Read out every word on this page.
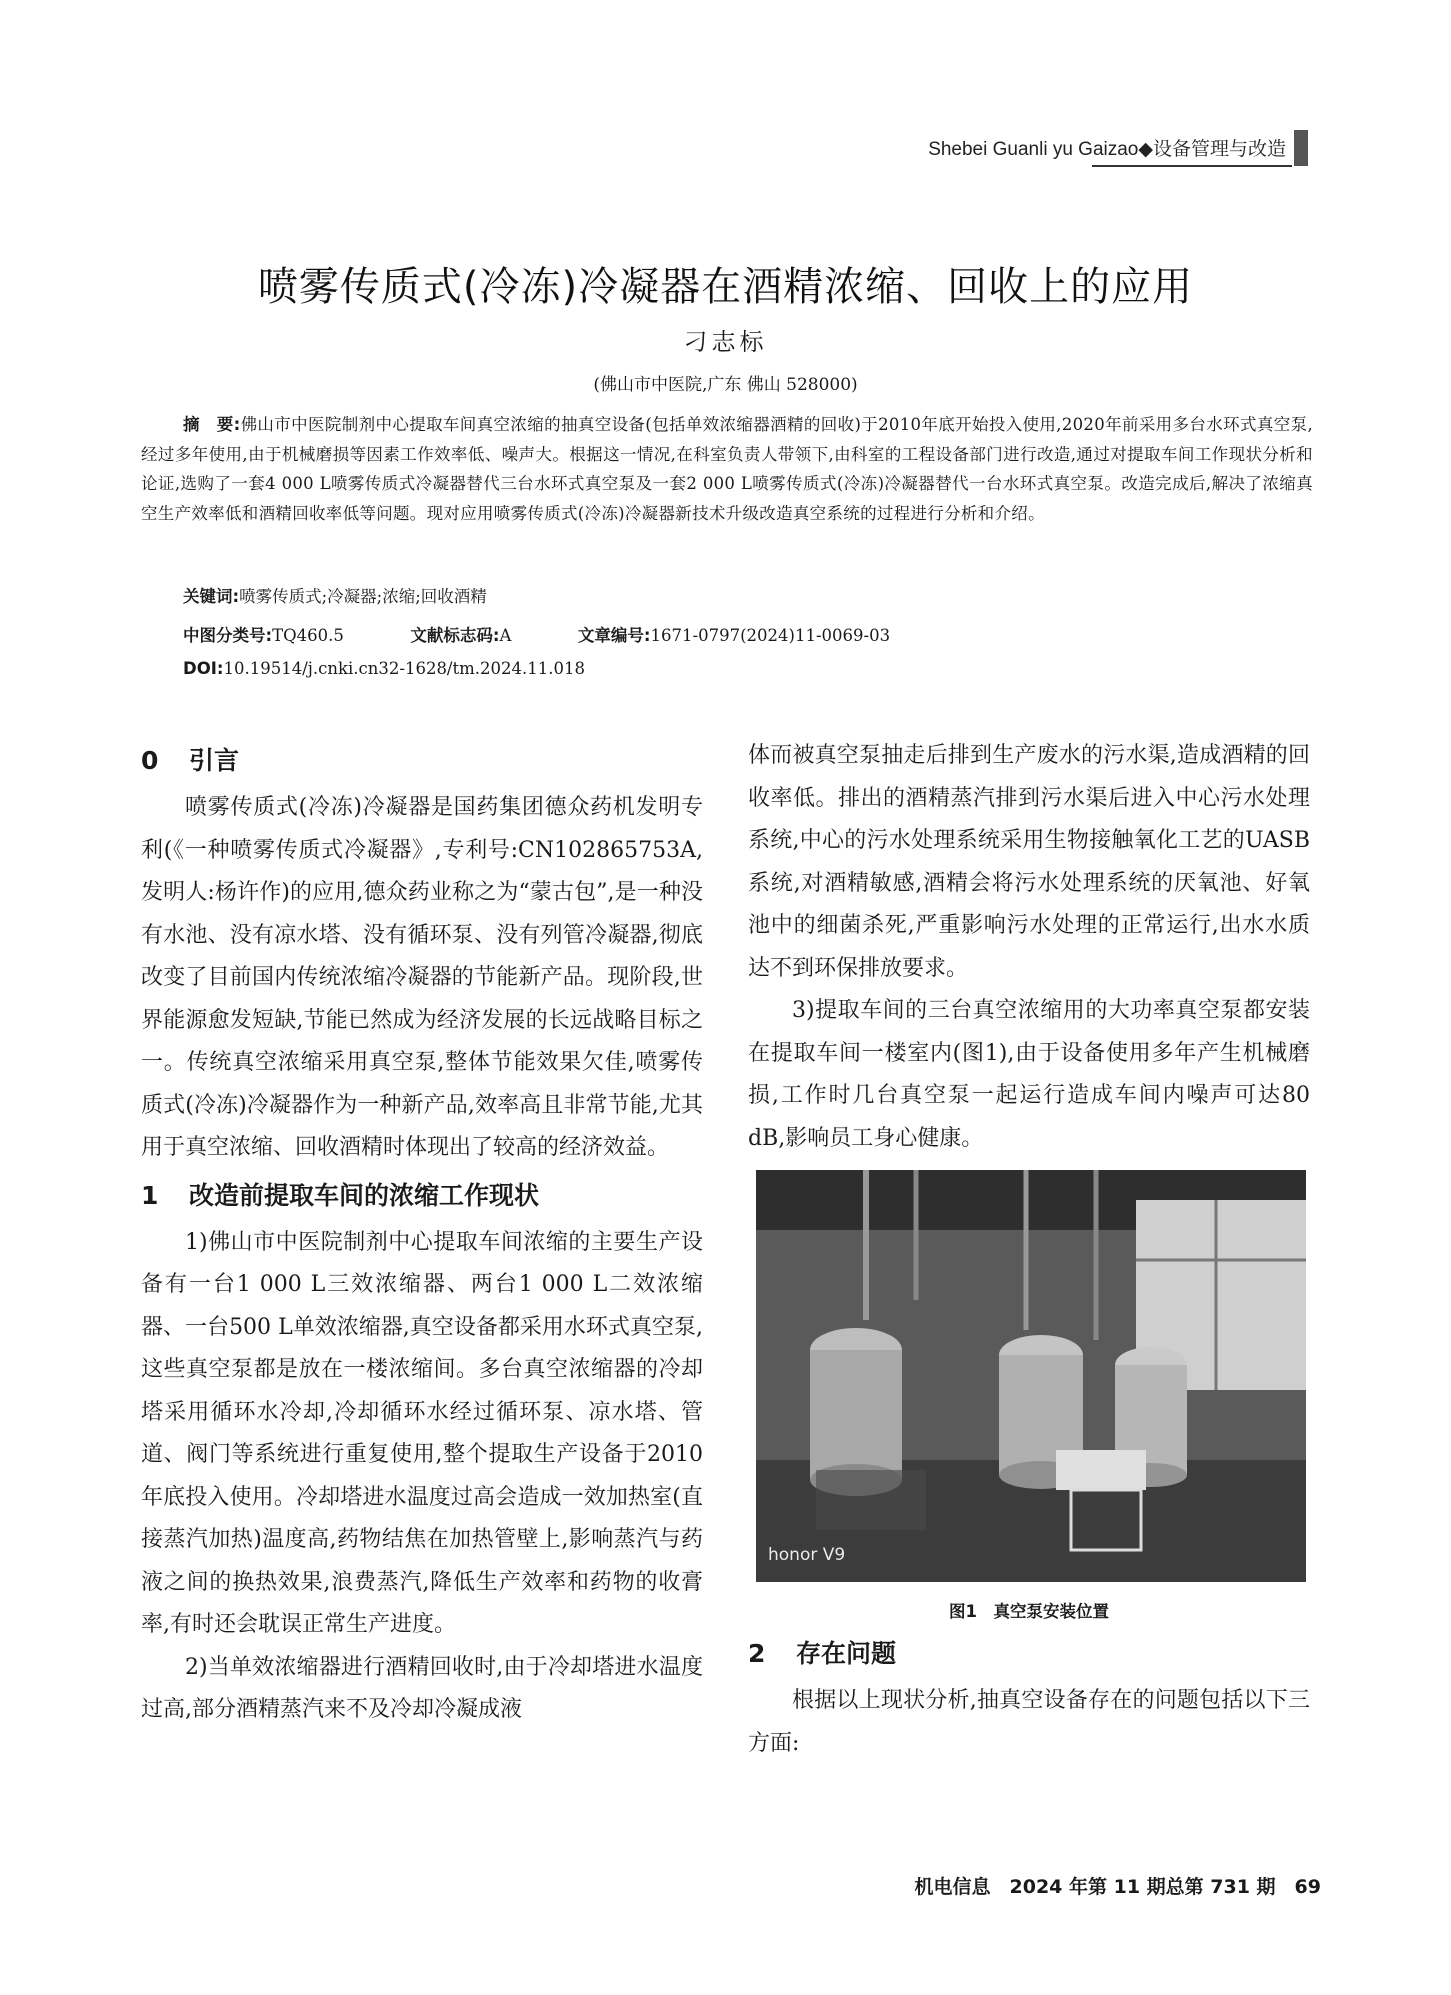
Shebei Guanli yu Gaizao◆设备管理与改造
喷雾传质式(冷冻)冷凝器在酒精浓缩、回收上的应用
刁志标
(佛山市中医院,广东 佛山 528000)
摘　要:佛山市中医院制剂中心提取车间真空浓缩的抽真空设备(包括单效浓缩器酒精的回收)于2010年底开始投入使用,2020年前采用多台水环式真空泵,经过多年使用,由于机械磨损等因素工作效率低、噪声大。根据这一情况,在科室负责人带领下,由科室的工程设备部门进行改造,通过对提取车间工作现状分析和论证,选购了一套4 000 L喷雾传质式冷凝器替代三台水环式真空泵及一套2 000 L喷雾传质式(冷冻)冷凝器替代一台水环式真空泵。改造完成后,解决了浓缩真空生产效率低和酒精回收率低等问题。现对应用喷雾传质式(冷冻)冷凝器新技术升级改造真空系统的过程进行分析和介绍。
关键词:喷雾传质式;冷凝器;浓缩;回收酒精
中图分类号:TQ460.5	文献标志码:A	文章编号:1671-0797(2024)11-0069-03
DOI:10.19514/j.cnki.cn32-1628/tm.2024.11.018
0 引言

喷雾传质式(冷冻)冷凝器是国药集团德众药机发明专利(《一种喷雾传质式冷凝器》,专利号:CN102865753A,发明人:杨许作)的应用,德众药业称之为“蒙古包”,是一种没有水池、没有凉水塔、没有循环泵、没有列管冷凝器,彻底改变了目前国内传统浓缩冷凝器的节能新产品。现阶段,世界能源愈发短缺,节能已然成为经济发展的长远战略目标之一。传统真空浓缩采用真空泵,整体节能效果欠佳,喷雾传质式(冷冻)冷凝器作为一种新产品,效率高且非常节能,尤其用于真空浓缩、回收酒精时体现出了较高的经济效益。

1 改造前提取车间的浓缩工作现状

1)佛山市中医院制剂中心提取车间浓缩的主要生产设备有一台1 000 L三效浓缩器、两台1 000 L二效浓缩器、一台500 L单效浓缩器,真空设备都采用水环式真空泵,这些真空泵都是放在一楼浓缩间。多台真空浓缩器的冷却塔采用循环水冷却,冷却循环水经过循环泵、凉水塔、管道、阀门等系统进行重复使用,整个提取生产设备于2010年底投入使用。冷却塔进水温度过高会造成一效加热室(直接蒸汽加热)温度高,药物结焦在加热管壁上,影响蒸汽与药液之间的换热效果,浪费蒸汽,降低生产效率和药物的收膏率,有时还会耽误正常生产进度。

2)当单效浓缩器进行酒精回收时,由于冷却塔进水温度过高,部分酒精蒸汽来不及冷却冷凝成液

体而被真空泵抽走后排到生产废水的污水渠,造成酒精的回收率低。排出的酒精蒸汽排到污水渠后进入中心污水处理系统,中心的污水处理系统采用生物接触氧化工艺的UASB系统,对酒精敏感,酒精会将污水处理系统的厌氧池、好氧池中的细菌杀死,严重影响污水处理的正常运行,出水水质达不到环保排放要求。

3)提取车间的三台真空浓缩用的大功率真空泵都安装在提取车间一楼室内(图1),由于设备使用多年产生机械磨损,工作时几台真空泵一起运行造成车间内噪声可达80 dB,影响员工身心健康。

honor V9
图1　真空泵安装位置
2 存在问题

根据以上现状分析,抽真空设备存在的问题包括以下三方面:

机电信息　2024 年第 11 期总第 731 期　69
